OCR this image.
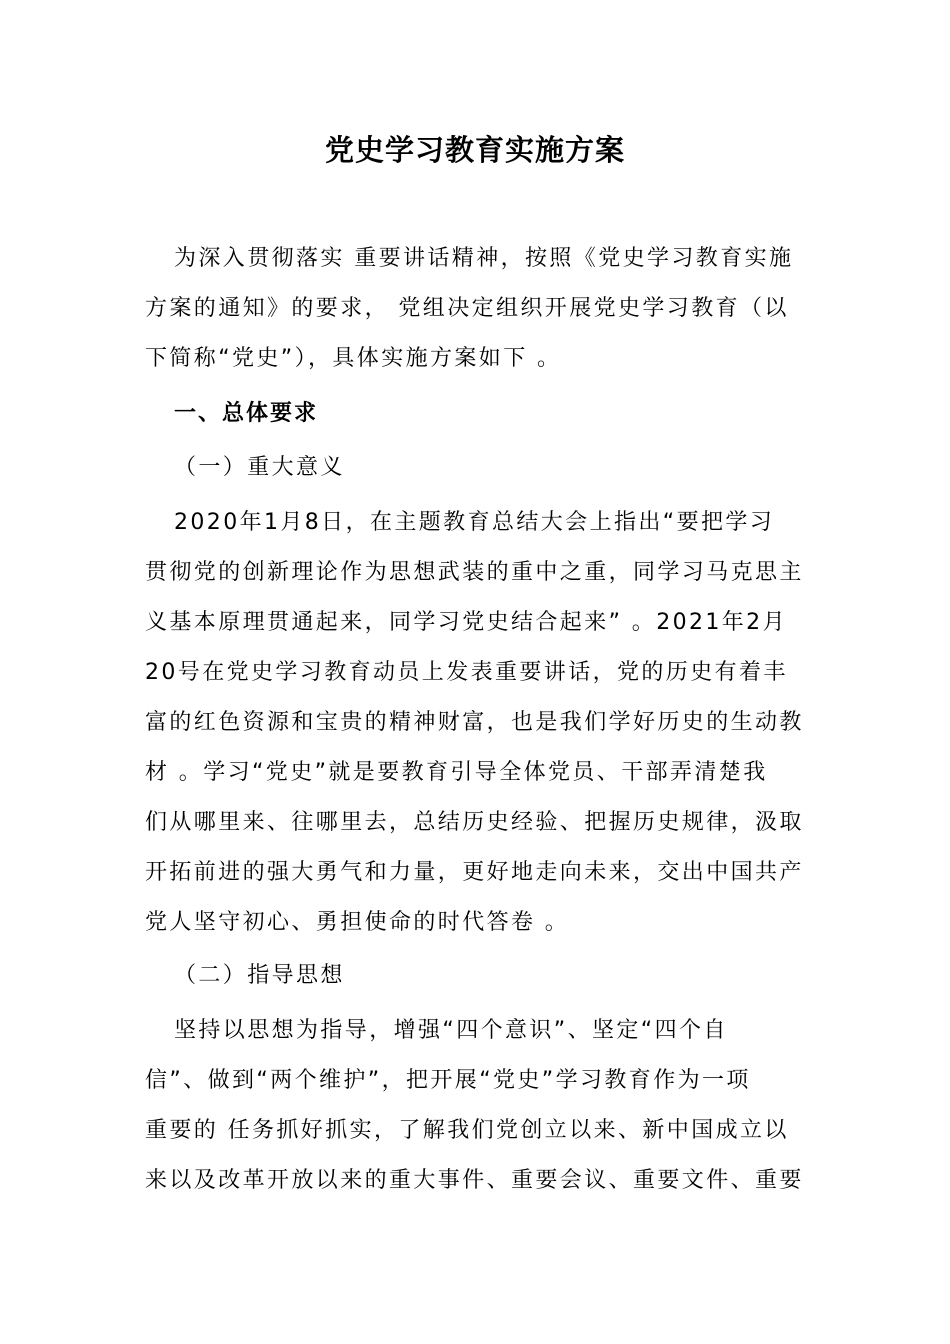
党史学习教育实施方案
为深入贯彻落实 重要讲话精神，按照《党史学习教育实施
方案的通知》的要求， 党组决定组织开展党史学习教育（以
下简称“党史”），具体实施方案如下 。
一、总体要求
（一）重大意义
2020年1月8日，在主题教育总结大会上指出“要把学习
贯彻党的创新理论作为思想武装的重中之重，同学习马克思主
义基本原理贯通起来，同学习党史结合起来” 。2021年2月
20号在党史学习教育动员上发表重要讲话，党的历史有着丰
富的红色资源和宝贵的精神财富，也是我们学好历史的生动教
材 。学习“党史”就是要教育引导全体党员、干部弄清楚我
们从哪里来、往哪里去，总结历史经验、把握历史规律，汲取
开拓前进的强大勇气和力量，更好地走向未来，交出中国共产
党人坚守初心、勇担使命的时代答卷 。
（二）指导思想
坚持以思想为指导，增强“四个意识”、坚定“四个自
信”、做到“两个维护”，把开展“党史”学习教育作为一项
重要的 任务抓好抓实，了解我们党创立以来、新中国成立以
来以及改革开放以来的重大事件、重要会议、重要文件、重要
